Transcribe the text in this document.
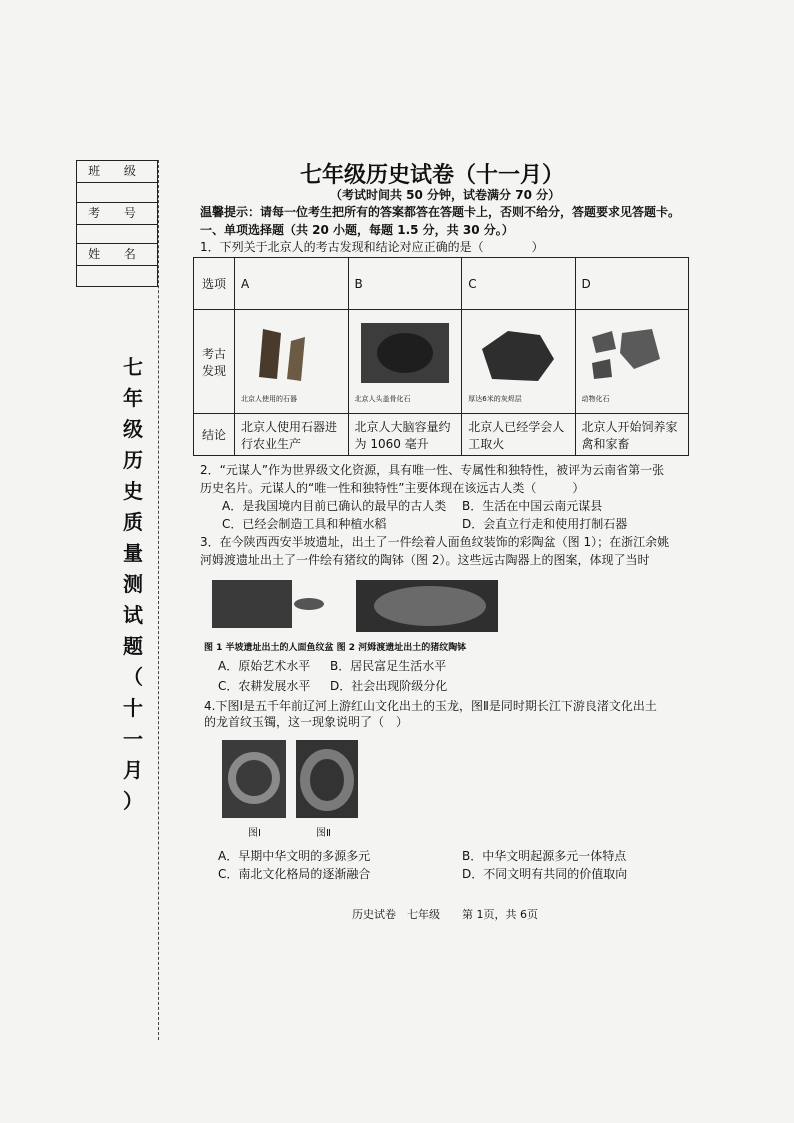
班 级
考 号
姓 名
七
年
级
历
史
质
量
测
试
题
（
十
一
月
）
七年级历史试卷（十一月）
（考试时间共 50 分钟，试卷满分 70 分）
温馨提示：请每一位考生把所有的答案都答在答题卡上，否则不给分，答题要求见答题卡。
一、单项选择题（共 20 小题，每题 1.5 分，共 30 分。）
1．下列关于北京人的考古发现和结论对应正确的是（　　　　）
选项	A	B	C	D
考古发现	北京人使用的石器	北京人头盖骨化石	厚达6米的灰烬层	动物化石

结论	北京人使用石器进行农业生产	北京人大脑容量约为 1060 毫升	北京人已经学会人工取火	北京人开始饲养家禽和家畜
2．“元谋人”作为世界级文化资源，具有唯一性、专属性和独特性，被评为云南省第一张
历史名片。元谋人的“唯一性和独特性”主要体现在该远古人类（　　　）
A．是我国境内目前已确认的最早的古人类 B．生活在中国云南元谋县
C．已经会制造工具和种植水稻	D．会直立行走和使用打制石器
3．在今陕西西安半坡遗址，出土了一件绘着人面鱼纹装饰的彩陶盆（图 1）；在浙江余姚
河姆渡遗址出土了一件绘有猪纹的陶钵（图 2）。这些远古陶器上的图案，体现了当时
图 1 半坡遗址出土的人面鱼纹盆 图 2 河姆渡遗址出土的猪纹陶钵
A．原始艺术水平 B．居民富足生活水平
C．农耕发展水平 D．社会出现阶级分化
4.下图Ⅰ是五千年前辽河上游红山文化出土的玉龙，图Ⅱ是同时期长江下游良渚文化出土
的龙首纹玉镯，这一现象说明了（　）
图Ⅰ	图Ⅱ
A．早期中华文明的多源多元	B．中华文明起源多元一体特点
C．南北文化格局的逐渐融合	D．不同文明有共同的价值取向
历史试卷　七年级　　第 1页，共 6页
